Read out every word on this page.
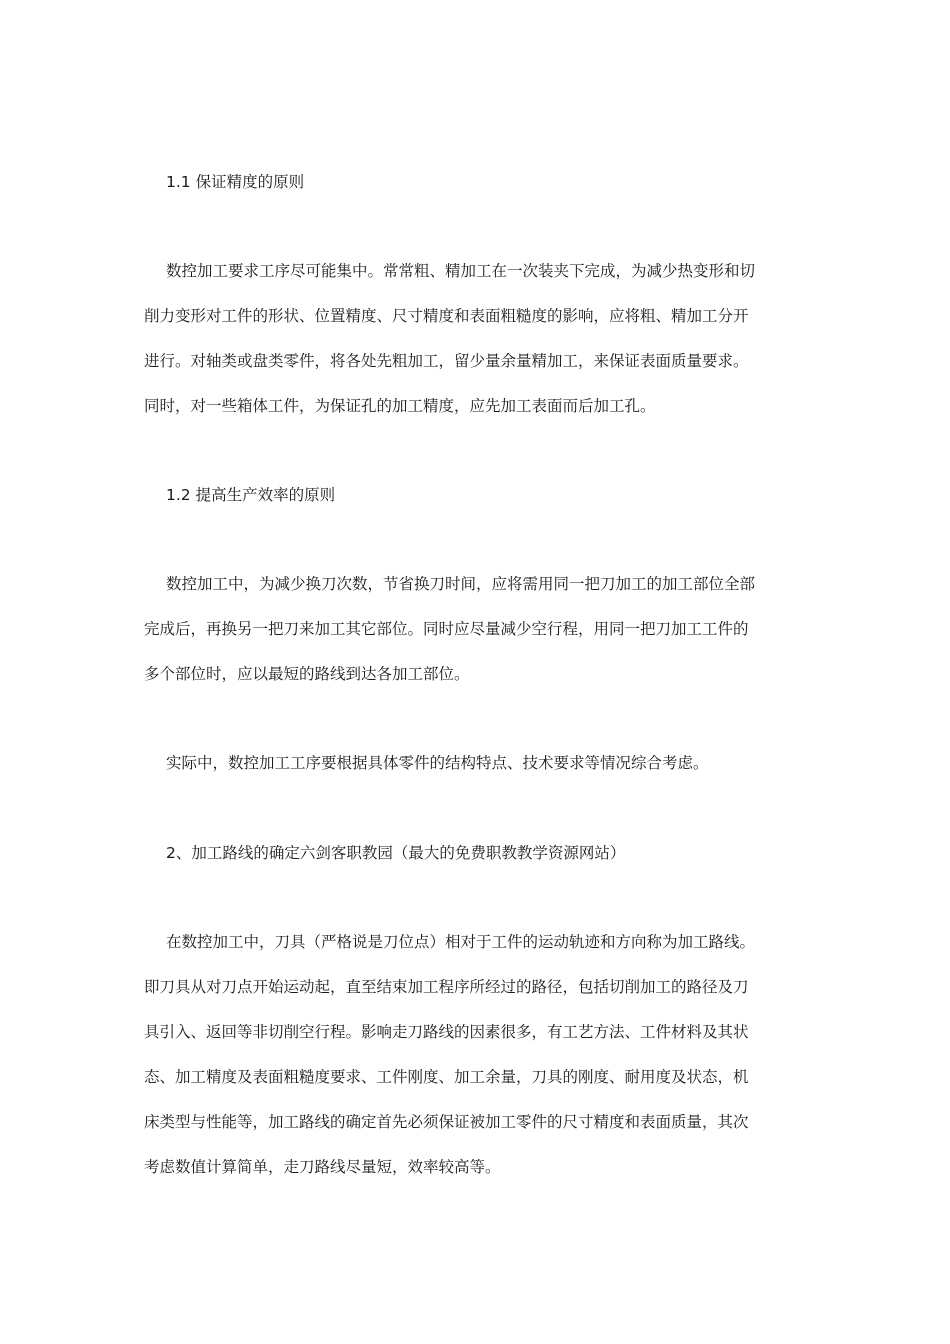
1.1 保证精度的原则

数控加工要求工序尽可能集中。常常粗、精加工在一次装夹下完成，为减少热变形和切
削力变形对工件的形状、位置精度、尺寸精度和表面粗糙度的影响，应将粗、精加工分开
进行。对轴类或盘类零件，将各处先粗加工，留少量余量精加工，来保证表面质量要求。
同时，对一些箱体工件，为保证孔的加工精度，应先加工表面而后加工孔。

1.2 提高生产效率的原则

数控加工中，为减少换刀次数，节省换刀时间，应将需用同一把刀加工的加工部位全部
完成后，再换另一把刀来加工其它部位。同时应尽量减少空行程，用同一把刀加工工件的
多个部位时，应以最短的路线到达各加工部位。

实际中，数控加工工序要根据具体零件的结构特点、技术要求等情况综合考虑。

2、加工路线的确定六剑客职教园（最大的免费职教教学资源网站）

在数控加工中，刀具（严格说是刀位点）相对于工件的运动轨迹和方向称为加工路线。
即刀具从对刀点开始运动起，直至结束加工程序所经过的路径，包括切削加工的路径及刀
具引入、返回等非切削空行程。影响走刀路线的因素很多，有工艺方法、工件材料及其状
态、加工精度及表面粗糙度要求、工件刚度、加工余量，刀具的刚度、耐用度及状态，机
床类型与性能等，加工路线的确定首先必须保证被加工零件的尺寸精度和表面质量，其次
考虑数值计算简单，走刀路线尽量短，效率较高等。
